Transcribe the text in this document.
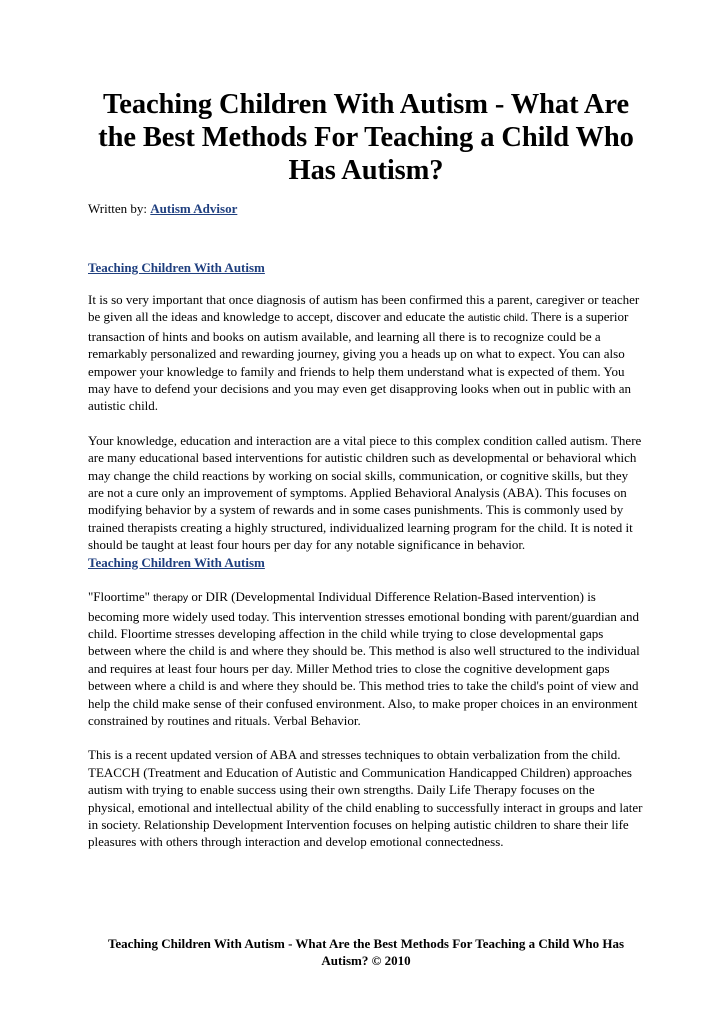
Teaching Children With Autism - What Are the Best Methods For Teaching a Child Who Has Autism?
Written by: Autism Advisor
Teaching Children With Autism

It is so very important that once diagnosis of autism has been confirmed this a parent, caregiver or teacher be given all the ideas and knowledge to accept, discover and educate the autistic child. There is a superior transaction of hints and books on autism available, and learning all there is to recognize could be a remarkably personalized and rewarding journey, giving you a heads up on what to expect. You can also empower your knowledge to family and friends to help them understand what is expected of them. You may have to defend your decisions and you may even get disapproving looks when out in public with an autistic child.

Your knowledge, education and interaction are a vital piece to this complex condition called autism. There are many educational based interventions for autistic children such as developmental or behavioral which may change the child reactions by working on social skills, communication, or cognitive skills, but they are not a cure only an improvement of symptoms. Applied Behavioral Analysis (ABA). This focuses on modifying behavior by a system of rewards and in some cases punishments. This is commonly used by trained therapists creating a highly structured, individualized learning program for the child. It is noted it should be taught at least four hours per day for any notable significance in behavior.
Teaching Children With Autism

"Floortime" therapy or DIR (Developmental Individual Difference Relation-Based intervention) is becoming more widely used today. This intervention stresses emotional bonding with parent/guardian and child. Floortime stresses developing affection in the child while trying to close developmental gaps between where the child is and where they should be. This method is also well structured to the individual and requires at least four hours per day. Miller Method tries to close the cognitive development gaps between where a child is and where they should be. This method tries to take the child's point of view and help the child make sense of their confused environment. Also, to make proper choices in an environment constrained by routines and rituals. Verbal Behavior.

This is a recent updated version of ABA and stresses techniques to obtain verbalization from the child. TEACCH (Treatment and Education of Autistic and Communication Handicapped Children) approaches autism with trying to enable success using their own strengths. Daily Life Therapy focuses on the physical, emotional and intellectual ability of the child enabling to successfully interact in groups and later in society. Relationship Development Intervention focuses on helping autistic children to share their life pleasures with others through interaction and develop emotional connectedness.

Teaching Children With Autism - What Are the Best Methods For Teaching a Child Who Has Autism? © 2010
